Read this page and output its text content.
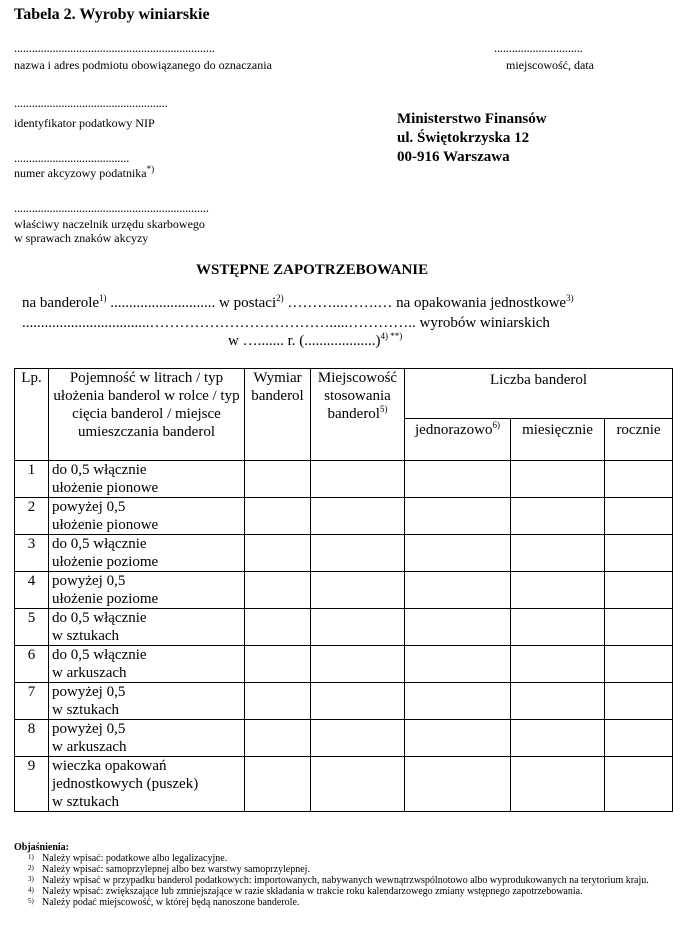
Tabela 2. Wyroby winiarskie
....................................................................
nazwa i adres podmiotu obowiązanego do oznaczania
..............................
miejscowość, data
....................................................
identyfikator podatkowy NIP
.......................................
numer akcyzowy podatnika*)
..................................................................
właściwy naczelnik urzędu skarbowego
w sprawach znaków akcyzy
Ministerstwo Finansów
ul. Świętokrzyska 12
00-916 Warszawa
WSTĘPNE ZAPOTRZEBOWANIE
na banderole$^{1)}$ ............................ w postaci$^{2)}$ ………...…….… na opakowania jednostkowe$^{3)}$
..................................……………………………….....………….. wyrobów winiarskich
w …....... r. (...................)$^{4) **)}$
Lp.	Pojemność w litrach / typ ułożenia banderol w rolce / typ cięcia banderol / miejsce umieszczania banderol	Wymiar banderol	Miejscowość stosowania banderol$^{5)}$	Liczba banderol		
				jednorazowo$^{6)}$	miesięcznie	rocznie
1	do 0,5 włącznie
ułożenie pionowe					

2	powyżej 0,5
ułożenie pionowe					

3	do 0,5 włącznie
ułożenie poziome					

4	powyżej 0,5
ułożenie poziome					

5	do 0,5 włącznie
w sztukach					

6	do 0,5 włącznie
w arkuszach					

7	powyżej 0,5
w sztukach					

8	powyżej 0,5
w arkuszach					

9	wieczka opakowań
jednostkowych (puszek)
w sztukach					

Objaśnienia:
1) Należy wpisać: podatkowe albo legalizacyjne.
2) Należy wpisać: samoprzylepnej albo bez warstwy samoprzylepnej.
3) Należy wpisać w przypadku banderol podatkowych: importowanych, nabywanych wewnątrzwspólnotowo albo wyprodukowanych na terytorium kraju.
4) Należy wpisać: zwiększające lub zmniejszające w razie składania w trakcie roku kalendarzowego zmiany wstępnego zapotrzebowania.
5) Należy podać miejscowość, w której będą nanoszone banderole.
